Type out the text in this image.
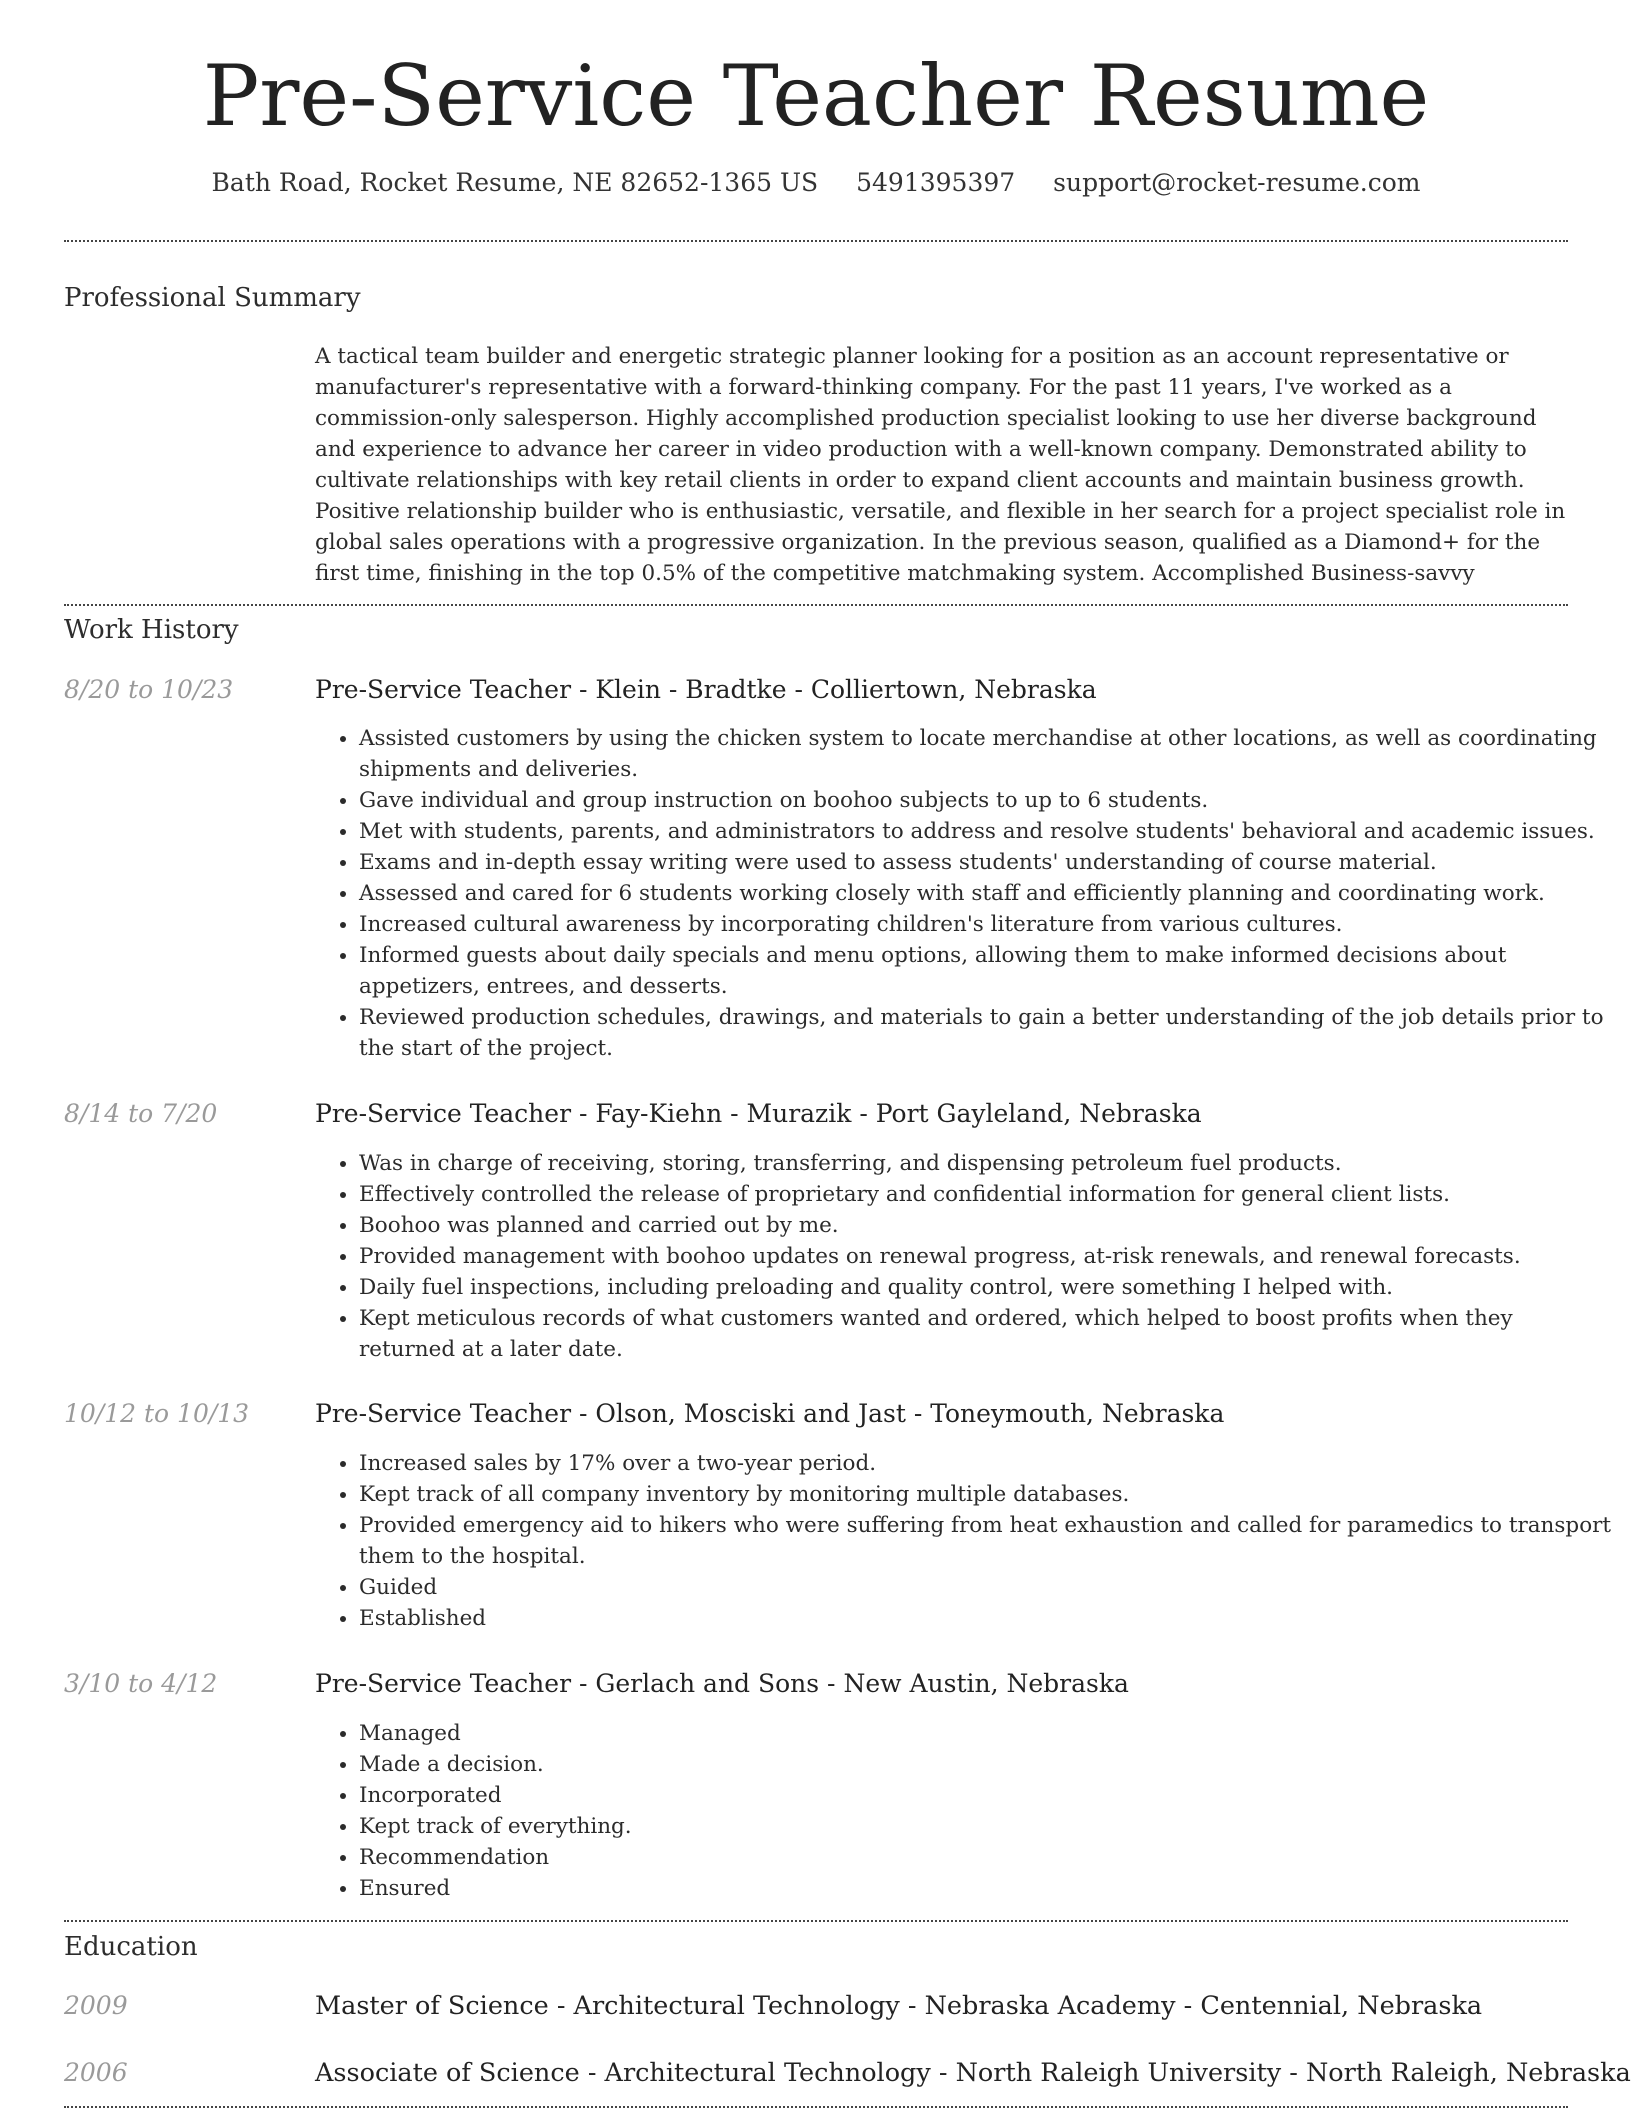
Pre-Service Teacher Resume
Bath Road, Rocket Resume, NE 82652-1365 US 5491395397 support@rocket-resume.com
Professional Summary
A tactical team builder and energetic strategic planner looking for a position as an account representative or manufacturer's representative with a forward-thinking company. For the past 11 years, I've worked as a commission-only salesperson. Highly accomplished production specialist looking to use her diverse background and experience to advance her career in video production with a well-known company. Demonstrated ability to cultivate relationships with key retail clients in order to expand client accounts and maintain business growth. Positive relationship builder who is enthusiastic, versatile, and flexible in her search for a project specialist role in global sales operations with a progressive organization. In the previous season, qualified as a Diamond+ for the first time, finishing in the top 0.5% of the competitive matchmaking system. Accomplished Business-savvy
Work History
8/20 to 10/23	Pre-Service Teacher - Klein - Bradtke - Colliertown, Nebraska
• Assisted customers by using the chicken system to locate merchandise at other locations, as well as coordinating shipments and deliveries.
• Gave individual and group instruction on boohoo subjects to up to 6 students.
• Met with students, parents, and administrators to address and resolve students' behavioral and academic issues.
• Exams and in-depth essay writing were used to assess students' understanding of course material.
• Assessed and cared for 6 students working closely with staff and efficiently planning and coordinating work.
• Increased cultural awareness by incorporating children's literature from various cultures.
• Informed guests about daily specials and menu options, allowing them to make informed decisions about appetizers, entrees, and desserts.
• Reviewed production schedules, drawings, and materials to gain a better understanding of the job details prior to the start of the project.
8/14 to 7/20	Pre-Service Teacher - Fay-Kiehn - Murazik - Port Gayleland, Nebraska
• Was in charge of receiving, storing, transferring, and dispensing petroleum fuel products.
• Effectively controlled the release of proprietary and confidential information for general client lists.
• Boohoo was planned and carried out by me.
• Provided management with boohoo updates on renewal progress, at-risk renewals, and renewal forecasts.
• Daily fuel inspections, including preloading and quality control, were something I helped with.
• Kept meticulous records of what customers wanted and ordered, which helped to boost profits when they returned at a later date.
10/12 to 10/13	Pre-Service Teacher - Olson, Mosciski and Jast - Toneymouth, Nebraska
• Increased sales by 17% over a two-year period.
• Kept track of all company inventory by monitoring multiple databases.
• Provided emergency aid to hikers who were suffering from heat exhaustion and called for paramedics to transport them to the hospital.
• Guided
• Established
3/10 to 4/12	Pre-Service Teacher - Gerlach and Sons - New Austin, Nebraska
• Managed
• Made a decision.
• Incorporated
• Kept track of everything.
• Recommendation
• Ensured
Education
2009	Master of Science - Architectural Technology - Nebraska Academy - Centennial, Nebraska
2006	Associate of Science - Architectural Technology - North Raleigh University - North Raleigh, Nebraska
